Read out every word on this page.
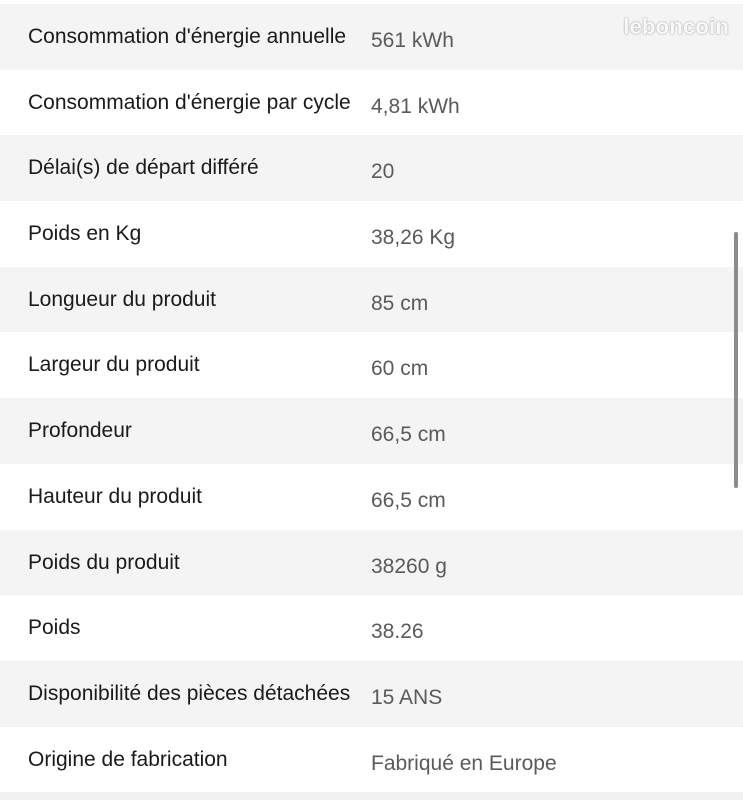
Consommation d'énergie annuelle 561 kWh
Consommation d'énergie par cycle 4,81 kWh
Délai(s) de départ différé	20
Poids en Kg	38,26 Kg
Longueur du produit	85 cm
Largeur du produit	60 cm
Profondeur	66,5 cm
Hauteur du produit	66,5 cm
Poids du produit	38260 g
Poids	38.26
Disponibilité des pièces détachées 15 ANS
Origine de fabrication	Fabriqué en Europe
leboncoin
